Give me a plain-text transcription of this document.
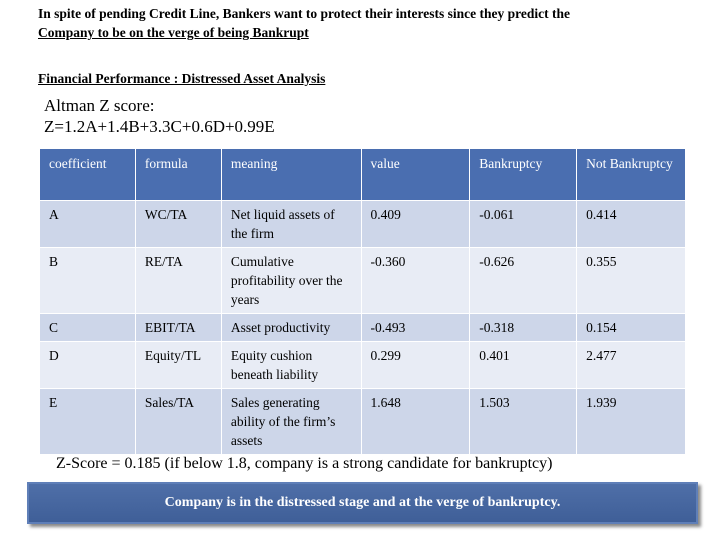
In spite of pending Credit Line, Bankers want to protect their interests since they predict the
Company to be on the verge of being Bankrupt
Financial Performance : Distressed Asset Analysis
Altman Z score:
Z=1.2A+1.4B+3.3C+0.6D+0.99E
coefficient	formula	meaning	value	Bankruptcy	Not Bankruptcy
A	WC/TA	Net liquid assets of the firm	0.409	-0.061	0.414
B	RE/TA	Cumulative profitability over the years	-0.360	-0.626	0.355
C	EBIT/TA	Asset productivity	-0.493	-0.318	0.154
D	Equity/TL	Equity cushion beneath liability	0.299	0.401	2.477
E	Sales/TA	Sales generating ability of the firm’s assets	1.648	1.503	1.939
Z-Score = 0.185 (if below 1.8, company is a strong candidate for bankruptcy)
Company is in the distressed stage and at the verge of bankruptcy.
